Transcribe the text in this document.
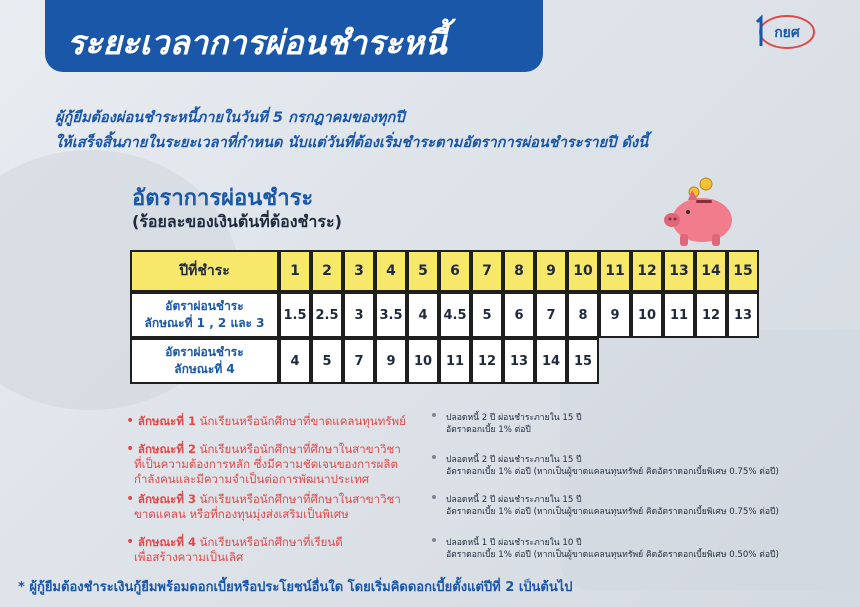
ระยะเวลาการผ่อนชำระหนี้	กยศ
ผู้กู้ยืมต้องผ่อนชำระหนี้ภายในวันที่ 5 กรกฎาคมของทุกปี
ให้เสร็จสิ้นภายในระยะเวลาที่กำหนด นับแต่วันที่ต้องเริ่มชำระตามอัตราการผ่อนชำระรายปี ดังนี้
อัตราการผ่อนชำระ
(ร้อยละของเงินต้นที่ต้องชำระ)
ปีที่ชำระ	1	2	3	4	5	6	7	8	9	10	11	12	13	14	15

อัตราผ่อนชำระ
ลักษณะที่ 1 , 2 และ 3	1.5	2.5	3	3.5	4	4.5	5	6	7	8	9	10	11	12	13

อัตราผ่อนชำระ
ลักษณะที่ 4	4	5	7	9	10	11	12	13	14	15					
• ลักษณะที่ 1 นักเรียนหรือนักศึกษาที่ขาดแคลนทุนทรัพย์	ปลอดหนี้ 2 ปี ผ่อนชำระภายใน 15 ปี
อัตราดอกเบี้ย 1% ต่อปี
• ลักษณะที่ 2 นักเรียนหรือนักศึกษาที่ศึกษาในสาขาวิชา
ที่เป็นความต้องการหลัก ซึ่งมีความชัดเจนของการผลิต
กำลังคนและมีความจำเป็นต่อการพัฒนาประเทศ
ปลอดหนี้ 2 ปี ผ่อนชำระภายใน 15 ปี
อัตราดอกเบี้ย 1% ต่อปี (หากเป็นผู้ขาดแคลนทุนทรัพย์ คิดอัตราดอกเบี้ยพิเศษ 0.75% ต่อปี)
• ลักษณะที่ 3 นักเรียนหรือนักศึกษาที่ศึกษาในสาขาวิชา
ขาดแคลน หรือที่กองทุนมุ่งส่งเสริมเป็นพิเศษ
ปลอดหนี้ 2 ปี ผ่อนชำระภายใน 15 ปี
อัตราดอกเบี้ย 1% ต่อปี (หากเป็นผู้ขาดแคลนทุนทรัพย์ คิดอัตราดอกเบี้ยพิเศษ 0.75% ต่อปี)
• ลักษณะที่ 4 นักเรียนหรือนักศึกษาที่เรียนดี
เพื่อสร้างความเป็นเลิศ
ปลอดหนี้ 1 ปี ผ่อนชำระภายใน 10 ปี
อัตราดอกเบี้ย 1% ต่อปี (หากเป็นผู้ขาดแคลนทุนทรัพย์ คิดอัตราดอกเบี้ยพิเศษ 0.50% ต่อปี)
* ผู้กู้ยืมต้องชำระเงินกู้ยืมพร้อมดอกเบี้ยหรือประโยชน์อื่นใด โดยเริ่มคิดดอกเบี้ยตั้งแต่ปีที่ 2 เป็นต้นไป
